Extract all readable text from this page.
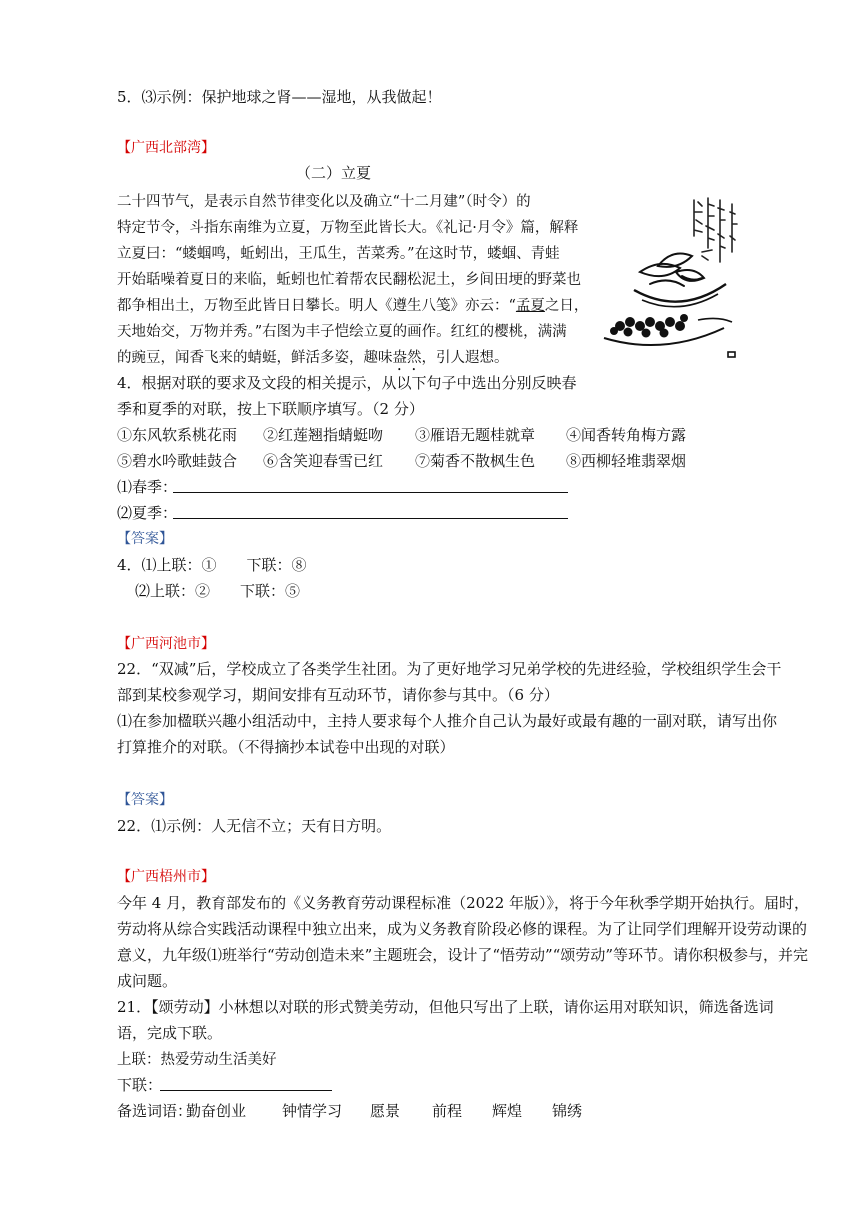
5．⑶示例：保护地球之肾——湿地，从我做起！
【广西北部湾】
（二）立夏
二十四节气，是表示自然节律变化以及确立“十二月建”（时令）的
特定节令，斗指东南维为立夏，万物至此皆长大。《礼记·月令》篇，解释
立夏曰：“蝼蝈鸣，蚯蚓出，王瓜生，苦菜秀。”在这时节，蝼蝈、青蛙
开始聒噪着夏日的来临，蚯蚓也忙着帮农民翻松泥土，乡间田埂的野菜也
都争相出土，万物至此皆日日攀长。明人《遵生八笺》亦云：“孟夏之日，
天地始交，万物并秀。”右图为丰子恺绘立夏的画作。红红的樱桃，满满
的豌豆，闻香飞来的蜻蜓，鲜活多姿，趣味盎然，引人遐想。
4．根据对联的要求及文段的相关提示，从以下句子中选出分别反映春
季和夏季的对联，按上下联顺序填写。（2 分）
①东风软系桃花雨 ②红莲翘指蜻蜓吻 ③雁语无题桂就章 ④闻香转角梅方露
⑤碧水吟歌蛙鼓合 ⑥含笑迎春雪已红 ⑦菊香不散枫生色 ⑧西柳轻堆翡翠烟
⑴春季：
⑵夏季：
【答案】
4．⑴上联：①　　下联：⑧
⑵上联：②　　下联：⑤
【广西河池市】
22．“双减”后，学校成立了各类学生社团。为了更好地学习兄弟学校的先进经验，学校组织学生会干
部到某校参观学习，期间安排有互动环节，请你参与其中。（6 分）
⑴在参加楹联兴趣小组活动中，主持人要求每个人推介自己认为最好或最有趣的一副对联，请写出你
打算推介的对联。（不得摘抄本试卷中出现的对联）
【答案】
22．⑴示例：人无信不立；天有日方明。
【广西梧州市】
今年 4 月，教育部发布的《义务教育劳动课程标准（2022 年版）》，将于今年秋季学期开始执行。届时，
劳动将从综合实践活动课程中独立出来，成为义务教育阶段必修的课程。为了让同学们理解开设劳动课的
意义，九年级⑴班举行“劳动创造未来”主题班会，设计了“悟劳动”“颂劳动”等环节。请你积极参与，并完
成问题。
21．【颂劳动】小林想以对联的形式赞美劳动，但他只写出了上联，请你运用对联知识，筛选备选词
语，完成下联。
上联：热爱劳动生活美好
下联：
备选词语：
勤奋创业 钟情学习 愿景 前程 辉煌 锦绣
